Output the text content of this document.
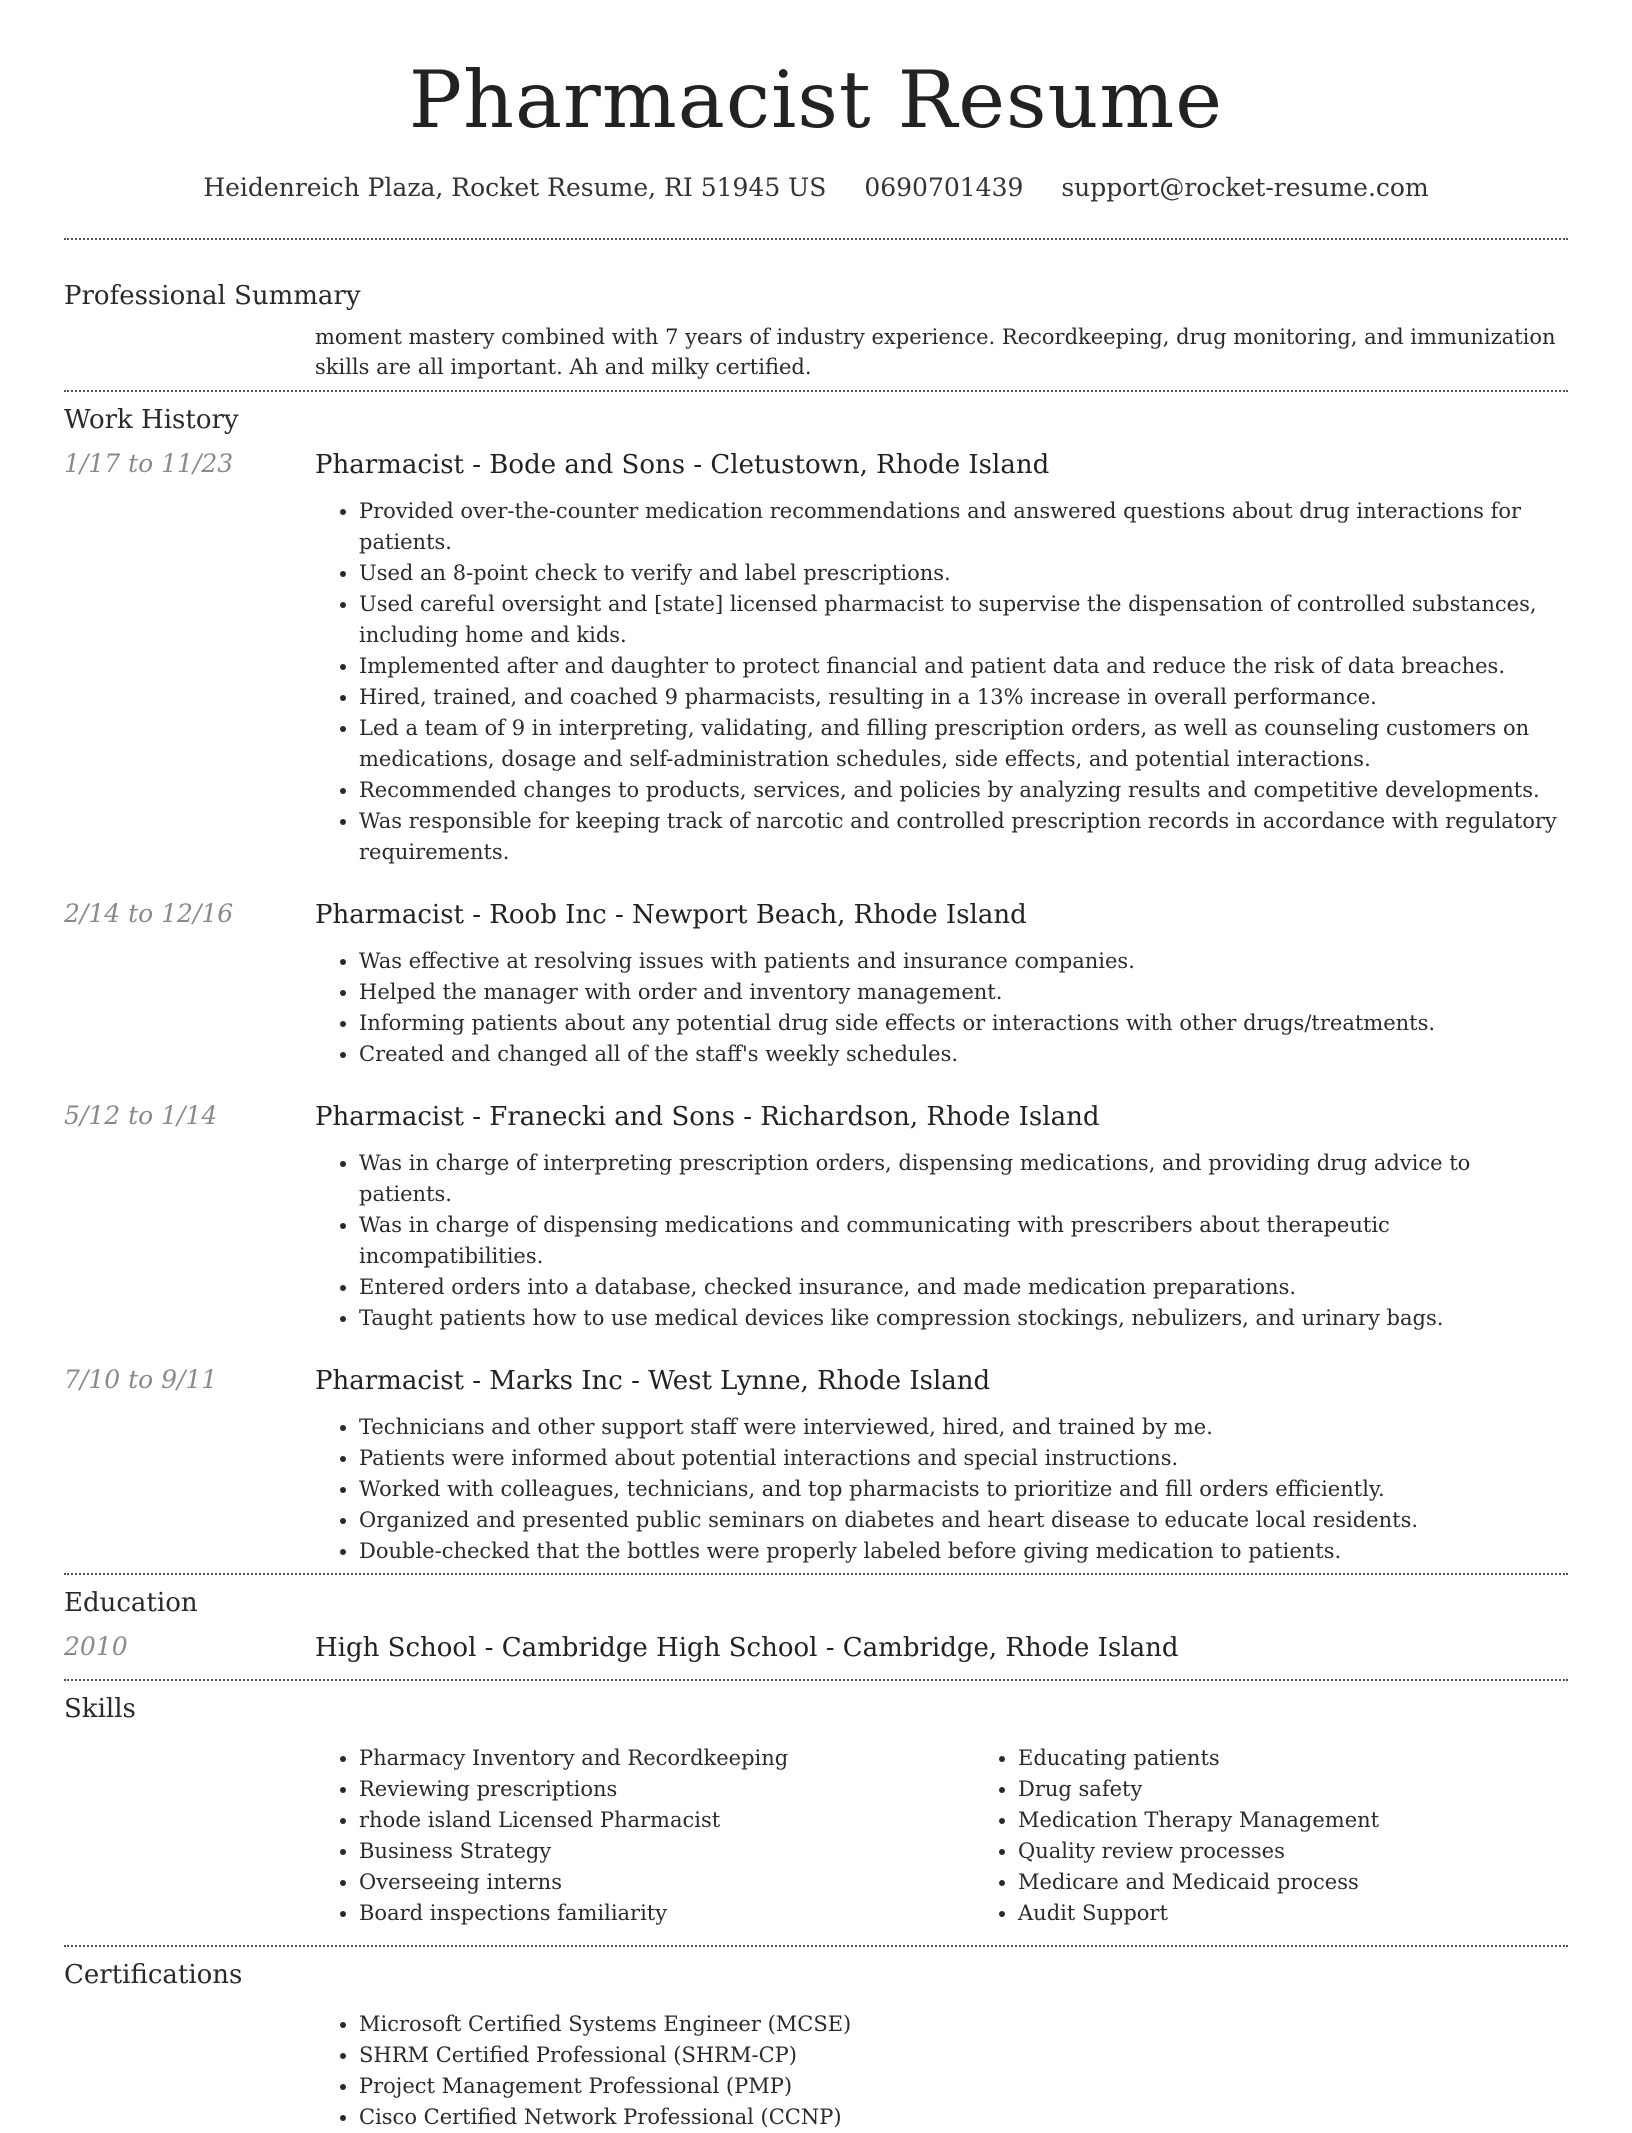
Pharmacist Resume
Heidenreich Plaza, Rocket Resume, RI 51945 US 0690701439 support@rocket-resume.com
Professional Summary
moment mastery combined with 7 years of industry experience. Recordkeeping, drug monitoring, and immunization skills are all important. Ah and milky certified.
Work History
1/17 to 11/23	Pharmacist - Bode and Sons - Cletustown, Rhode Island
• Provided over-the-counter medication recommendations and answered questions about drug interactions for patients.
• Used an 8-point check to verify and label prescriptions.
• Used careful oversight and [state] licensed pharmacist to supervise the dispensation of controlled substances, including home and kids.
• Implemented after and daughter to protect financial and patient data and reduce the risk of data breaches.
• Hired, trained, and coached 9 pharmacists, resulting in a 13% increase in overall performance.
• Led a team of 9 in interpreting, validating, and filling prescription orders, as well as counseling customers on medications, dosage and self-administration schedules, side effects, and potential interactions.
• Recommended changes to products, services, and policies by analyzing results and competitive developments.
• Was responsible for keeping track of narcotic and controlled prescription records in accordance with regulatory requirements.
2/14 to 12/16	Pharmacist - Roob Inc - Newport Beach, Rhode Island
• Was effective at resolving issues with patients and insurance companies.
• Helped the manager with order and inventory management.
• Informing patients about any potential drug side effects or interactions with other drugs/treatments.
• Created and changed all of the staff's weekly schedules.
5/12 to 1/14	Pharmacist - Franecki and Sons - Richardson, Rhode Island
• Was in charge of interpreting prescription orders, dispensing medications, and providing drug advice to patients.
• Was in charge of dispensing medications and communicating with prescribers about therapeutic incompatibilities.
• Entered orders into a database, checked insurance, and made medication preparations.
• Taught patients how to use medical devices like compression stockings, nebulizers, and urinary bags.
7/10 to 9/11	Pharmacist - Marks Inc - West Lynne, Rhode Island
• Technicians and other support staff were interviewed, hired, and trained by me.
• Patients were informed about potential interactions and special instructions.
• Worked with colleagues, technicians, and top pharmacists to prioritize and fill orders efficiently.
• Organized and presented public seminars on diabetes and heart disease to educate local residents.
• Double-checked that the bottles were properly labeled before giving medication to patients.
Education
2010	High School - Cambridge High School - Cambridge, Rhode Island
Skills
• Pharmacy Inventory and Recordkeeping
• Reviewing prescriptions
• rhode island Licensed Pharmacist
• Business Strategy
• Overseeing interns
• Board inspections familiarity
• Educating patients
• Drug safety
• Medication Therapy Management
• Quality review processes
• Medicare and Medicaid process
• Audit Support
Certifications
• Microsoft Certified Systems Engineer (MCSE)
• SHRM Certified Professional (SHRM-CP)
• Project Management Professional (PMP)
• Cisco Certified Network Professional (CCNP)
